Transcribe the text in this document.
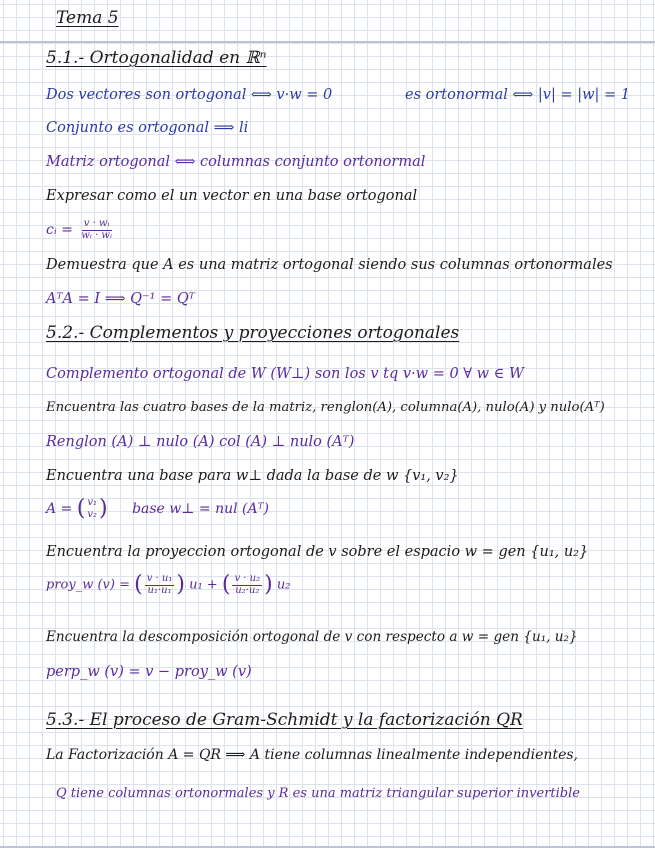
Tema 5
5.1.- Ortogonalidad en ℝⁿ
Dos vectores son ortogonal ⟺ v·w = 0	es ortonormal ⟺ |v| = |w| = 1
Conjunto es ortogonal ⟹ li
Matriz ortogonal ⟺ columnas conjunto ortonormal
Expresar como el un vector en una base ortogonal
cᵢ = $\frac{\text{v · wᵢ}}{\text{wᵢ · wᵢ}}$
Demuestra que A es una matriz ortogonal siendo sus columnas ortonormales
AᵀA = I ⟹ Q⁻¹ = Qᵀ
5.2.- Complementos y proyecciones ortogonales
Complemento ortogonal de W (W⊥) son los v tq v·w = 0 ∀ w ∈ W
Encuentra las cuatro bases de la matriz, renglon(A), columna(A), nulo(A) y nulo(Aᵀ)
Renglon (A) ⊥ nulo (A) col (A) ⊥ nulo (Aᵀ)
Encuentra una base para w⊥ dada la base de w {v₁, v₂}
A = ( v₁
v₂ ) base w⊥ = nul (Aᵀ)
Encuentra la proyeccion ortogonal de v sobre el espacio w = gen {u₁, u₂}
proy_w (v) = ( $\frac{\text{v · u₁}}{\text{u₁·u₁}}$ ) u₁ + ( $\frac{\text{v · u₂}}{\text{u₂·u₂}}$ ) u₂
Encuentra la descomposición ortogonal de v con respecto a w = gen {u₁, u₂}
perp_w (v) = v − proy_w (v)
5.3.- El proceso de Gram-Schmidt y la factorización QR
La Factorización A = QR ⟹ A tiene columnas linealmente independientes,
Q tiene columnas ortonormales y R es una matriz triangular superior invertible
